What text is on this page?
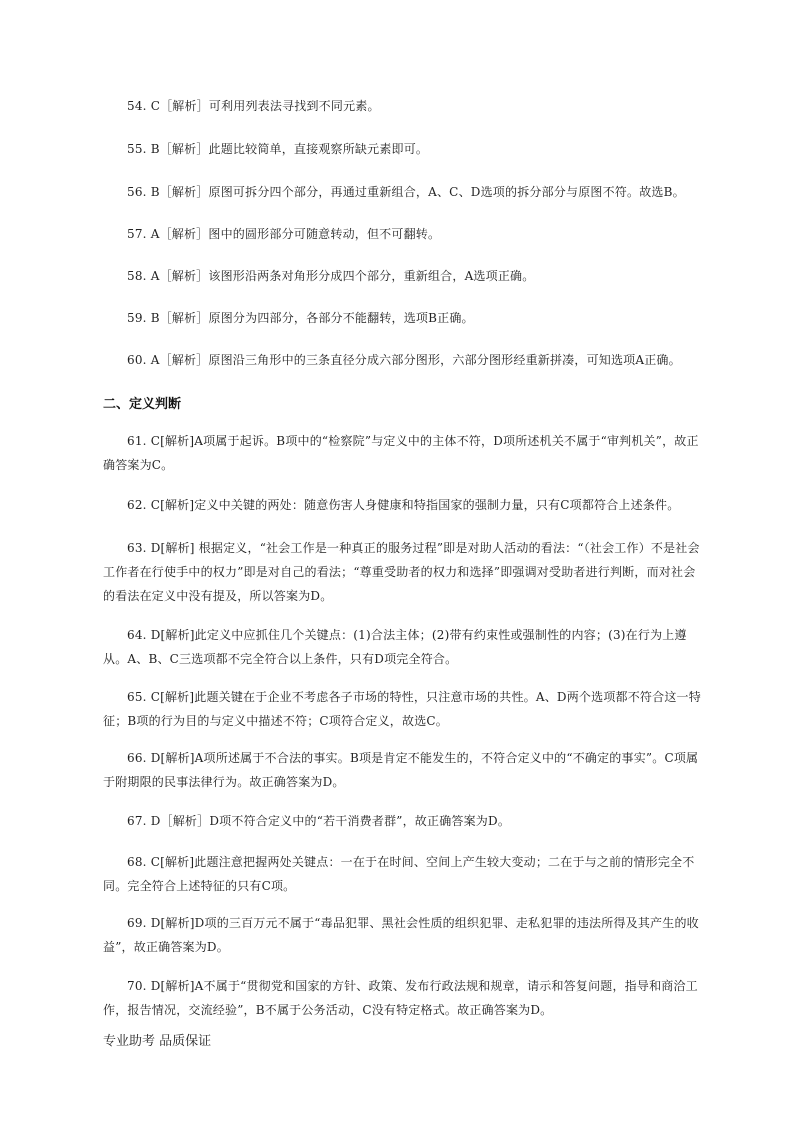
54. C［解析］可利用列表法寻找到不同元素。

55. B［解析］此题比较简单，直接观察所缺元素即可。

56. B［解析］原图可拆分四个部分，再通过重新组合，A、C、D选项的拆分部分与原图不符。故选B。

57. A［解析］图中的圆形部分可随意转动，但不可翻转。

58. A［解析］该图形沿两条对角形分成四个部分，重新组合，A选项正确。

59. B［解析］原图分为四部分，各部分不能翻转，选项B正确。

60. A［解析］原图沿三角形中的三条直径分成六部分图形，六部分图形经重新拼凑，可知选项A正确。

二、定义判断

61. C[解析]A项属于起诉。B项中的“检察院”与定义中的主体不符，D项所述机关不属于“审判机关”，故正确答案为C。

62. C[解析]定义中关键的两处：随意伤害人身健康和特指国家的强制力量，只有C项都符合上述条件。

63. D[解析] 根据定义，“社会工作是一种真正的服务过程”即是对助人活动的看法：“（社会工作）不是社会工作者在行使手中的权力”即是对自己的看法；“尊重受助者的权力和选择”即强调对受助者进行判断，而对社会的看法在定义中没有提及，所以答案为D。

64. D[解析]此定义中应抓住几个关键点：(1)合法主体；(2)带有约束性或强制性的内容；(3)在行为上遵从。A、B、C三选项都不完全符合以上条件，只有D项完全符合。

65. C[解析]此题关键在于企业不考虑各子市场的特性，只注意市场的共性。A、D两个选项都不符合这一特征；B项的行为目的与定义中描述不符；C项符合定义，故选C。

66. D[解析]A项所述属于不合法的事实。B项是肯定不能发生的，不符合定义中的“不确定的事实”。C项属于附期限的民事法律行为。故正确答案为D。

67. D［解析］D项不符合定义中的“若干消费者群”，故正确答案为D。

68. C[解析]此题注意把握两处关键点：一在于在时间、空间上产生较大变动；二在于与之前的情形完全不同。完全符合上述特征的只有C项。

69. D[解析]D项的三百万元不属于“毒品犯罪、黑社会性质的组织犯罪、走私犯罪的违法所得及其产生的收益”，故正确答案为D。

70. D[解析]A不属于“贯彻党和国家的方针、政策、发布行政法规和规章，请示和答复问题，指导和商洽工作，报告情况，交流经验”，B不属于公务活动，C没有特定格式。故正确答案为D。

专业助考 品质保证
